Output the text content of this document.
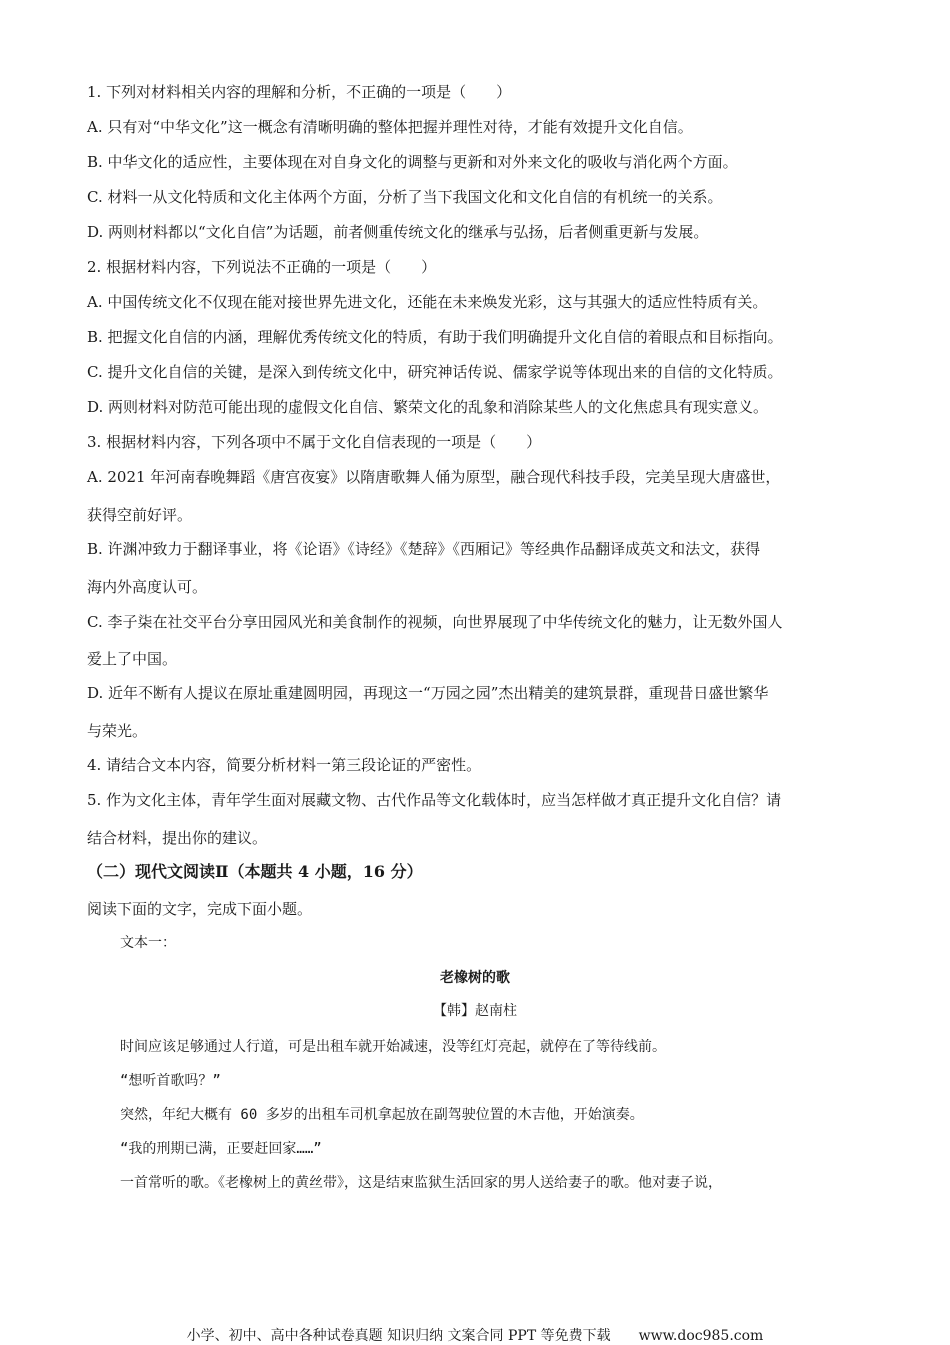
1. 下列对材料相关内容的理解和分析，不正确的一项是（　　）
A. 只有对“中华文化”这一概念有清晰明确的整体把握并理性对待，才能有效提升文化自信。
B. 中华文化的适应性，主要体现在对自身文化的调整与更新和对外来文化的吸收与消化两个方面。
C. 材料一从文化特质和文化主体两个方面，分析了当下我国文化和文化自信的有机统一的关系。
D. 两则材料都以“文化自信”为话题，前者侧重传统文化的继承与弘扬，后者侧重更新与发展。
2. 根据材料内容，下列说法不正确的一项是（　　）
A. 中国传统文化不仅现在能对接世界先进文化，还能在未来焕发光彩，这与其强大的适应性特质有关。
B. 把握文化自信的内涵，理解优秀传统文化的特质，有助于我们明确提升文化自信的着眼点和目标指向。
C. 提升文化自信的关键，是深入到传统文化中，研究神话传说、儒家学说等体现出来的自信的文化特质。
D. 两则材料对防范可能出现的虚假文化自信、繁荣文化的乱象和消除某些人的文化焦虑具有现实意义。
3. 根据材料内容，下列各项中不属于文化自信表现的一项是（　　）
A. 2021 年河南春晚舞蹈《唐宫夜宴》以隋唐歌舞人俑为原型，融合现代科技手段，完美呈现大唐盛世，
获得空前好评。
B. 许渊冲致力于翻译事业，将《论语》《诗经》《楚辞》《西厢记》等经典作品翻译成英文和法文，获得
海内外高度认可。
C. 李子柒在社交平台分享田园风光和美食制作的视频，向世界展现了中华传统文化的魅力，让无数外国人
爱上了中国。
D. 近年不断有人提议在原址重建圆明园，再现这一“万园之园”杰出精美的建筑景群，重现昔日盛世繁华
与荣光。
4. 请结合文本内容，简要分析材料一第三段论证的严密性。
5. 作为文化主体，青年学生面对展藏文物、古代作品等文化载体时，应当怎样做才真正提升文化自信？请
结合材料，提出你的建议。
（二）现代文阅读Ⅱ（本题共 4 小题，16 分）
阅读下面的文字，完成下面小题。
文本一：
老橡树的歌
【韩】赵南柱
时间应该足够通过人行道，可是出租车就开始减速，没等红灯亮起，就停在了等待线前。
“想听首歌吗？”
突然，年纪大概有 60 多岁的出租车司机拿起放在副驾驶位置的木吉他，开始演奏。
“我的刑期已满，正要赶回家……”
一首常听的歌。《老橡树上的黄丝带》，这是结束监狱生活回家的男人送给妻子的歌。他对妻子说，
小学、初中、高中各种试卷真题 知识归纳 文案合同 PPT 等免费下载　　www.doc985.com
